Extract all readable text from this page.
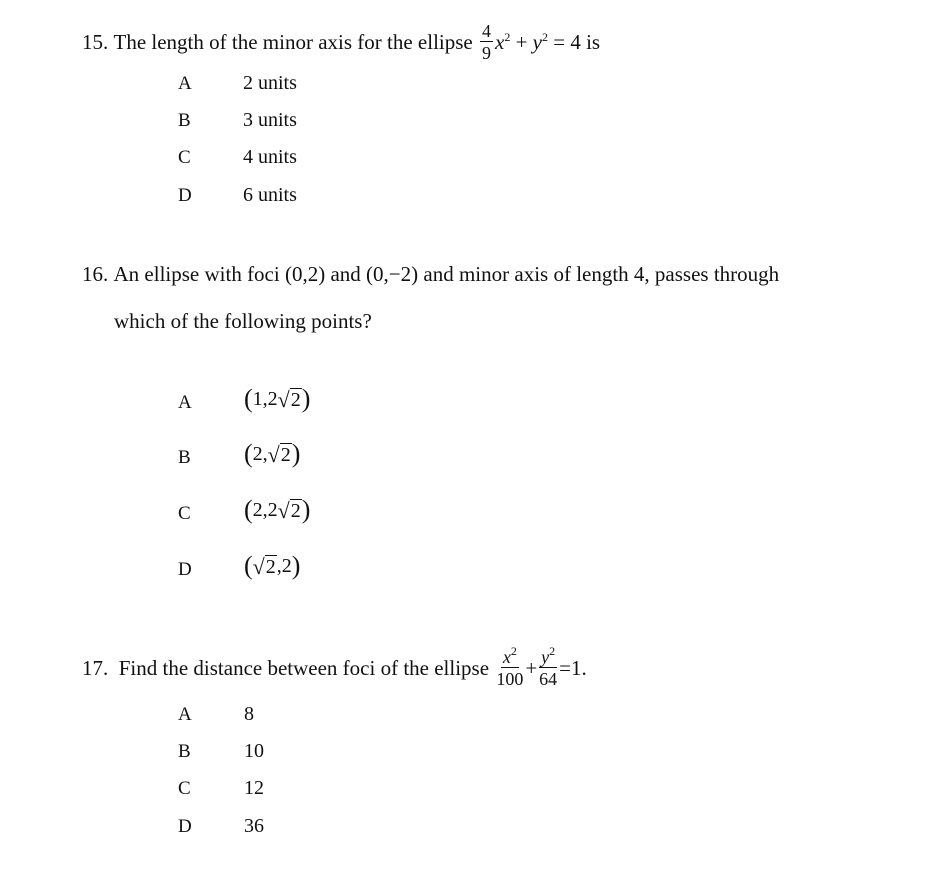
15.
The length of the minor axis for the ellipse
$\frac{4}{9} x^2 + y^2 = 4$
is
A	2 units
B	3 units
C	4 units
D	6 units
16.
An ellipse with foci
(0,2)
and
(0,−2)
and minor axis of length 4, passes through
which of the following points?
A ( 1,2 √ 2 )
B ( 2, √ 2 )
C ( 2,2 √ 2 )
D ( √ 2 ,2 )
17.
Find the distance between foci of the ellipse
$\frac{x^2}{100} + \frac{y^2}{64} =1$.
A	8
B	10
C	12
D	36
